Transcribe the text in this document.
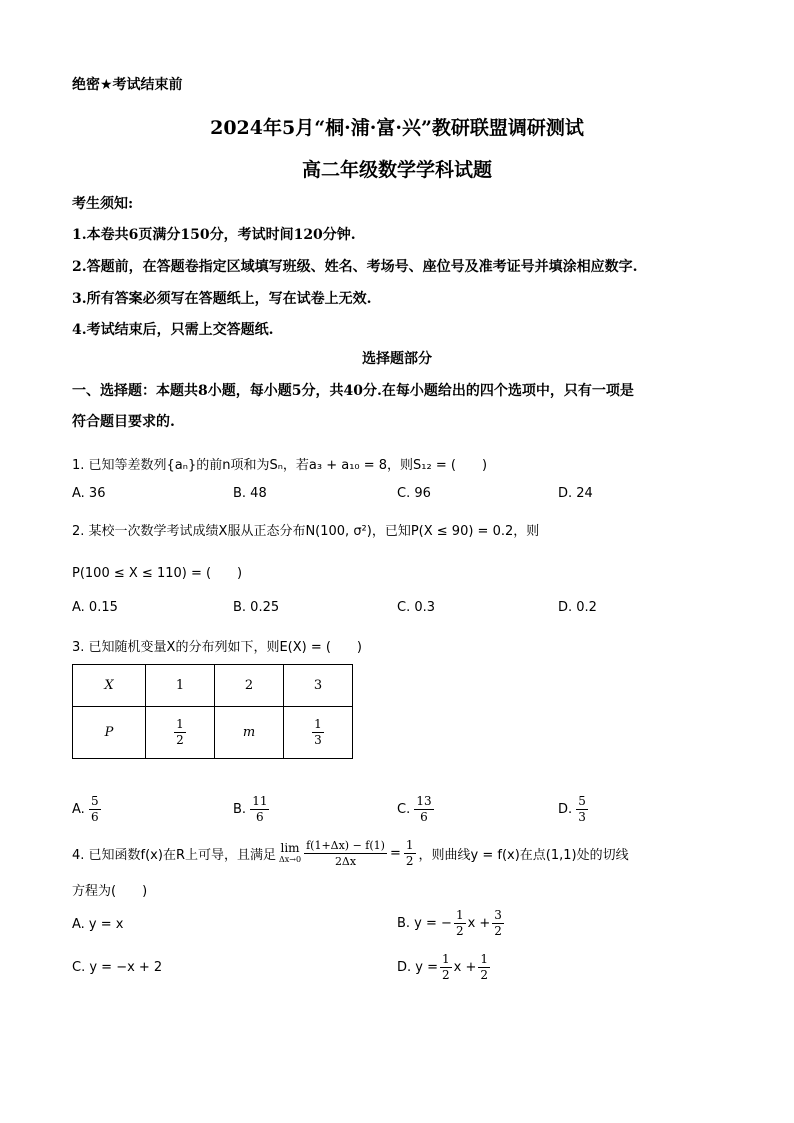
绝密★考试结束前
2024年5月“桐·浦·富·兴”教研联盟调研测试
高二年级数学学科试题
考生须知:
1.本卷共6页满分150分，考试时间120分钟.
2.答题前，在答题卷指定区域填写班级、姓名、考场号、座位号及准考证号并填涂相应数字.
3.所有答案必须写在答题纸上，写在试卷上无效.
4.考试结束后，只需上交答题纸.
选择题部分
一、选择题：本题共8小题，每小题5分，共40分.在每小题给出的四个选项中，只有一项是
符合题目要求的.
1. 已知等差数列{aₙ}的前n项和为Sₙ，若a₃ + a₁₀ = 8，则S₁₂ = (　　)
A. 36	B. 48	C. 96	D. 24
2. 某校一次数学考试成绩X服从正态分布N(100, σ²)，已知P(X ≤ 90) = 0.2，则
P(100 ≤ X ≤ 110) = (　　)
A. 0.15	B. 0.25	C. 0.3	D. 0.2
3. 已知随机变量X的分布列如下，则E(X) = (　　)
X	1	2	3
P	$\frac{1}{2}$	m	$\frac{1}{3}$
A. $\frac{5}{6}$	B. $\frac{11}{6}$	C. $\frac{13}{6}$	D. $\frac{5}{3}$
4. 已知函数f(x)在R上可导，且满足
lim
$\Delta x\to 0 \frac{f(1+\Delta x) - f(1)}{2\Delta x} = \frac{1}{2}$ ，则曲线y = f(x)在点(1,1)处的切线
方程为(　　)
A. y = x	B. y = − $\frac{1}{2}$ $x + \frac{3}{2}$
C. y = −x + 2	D. $y = \frac{1}{2}$ $x + \frac{1}{2}$
